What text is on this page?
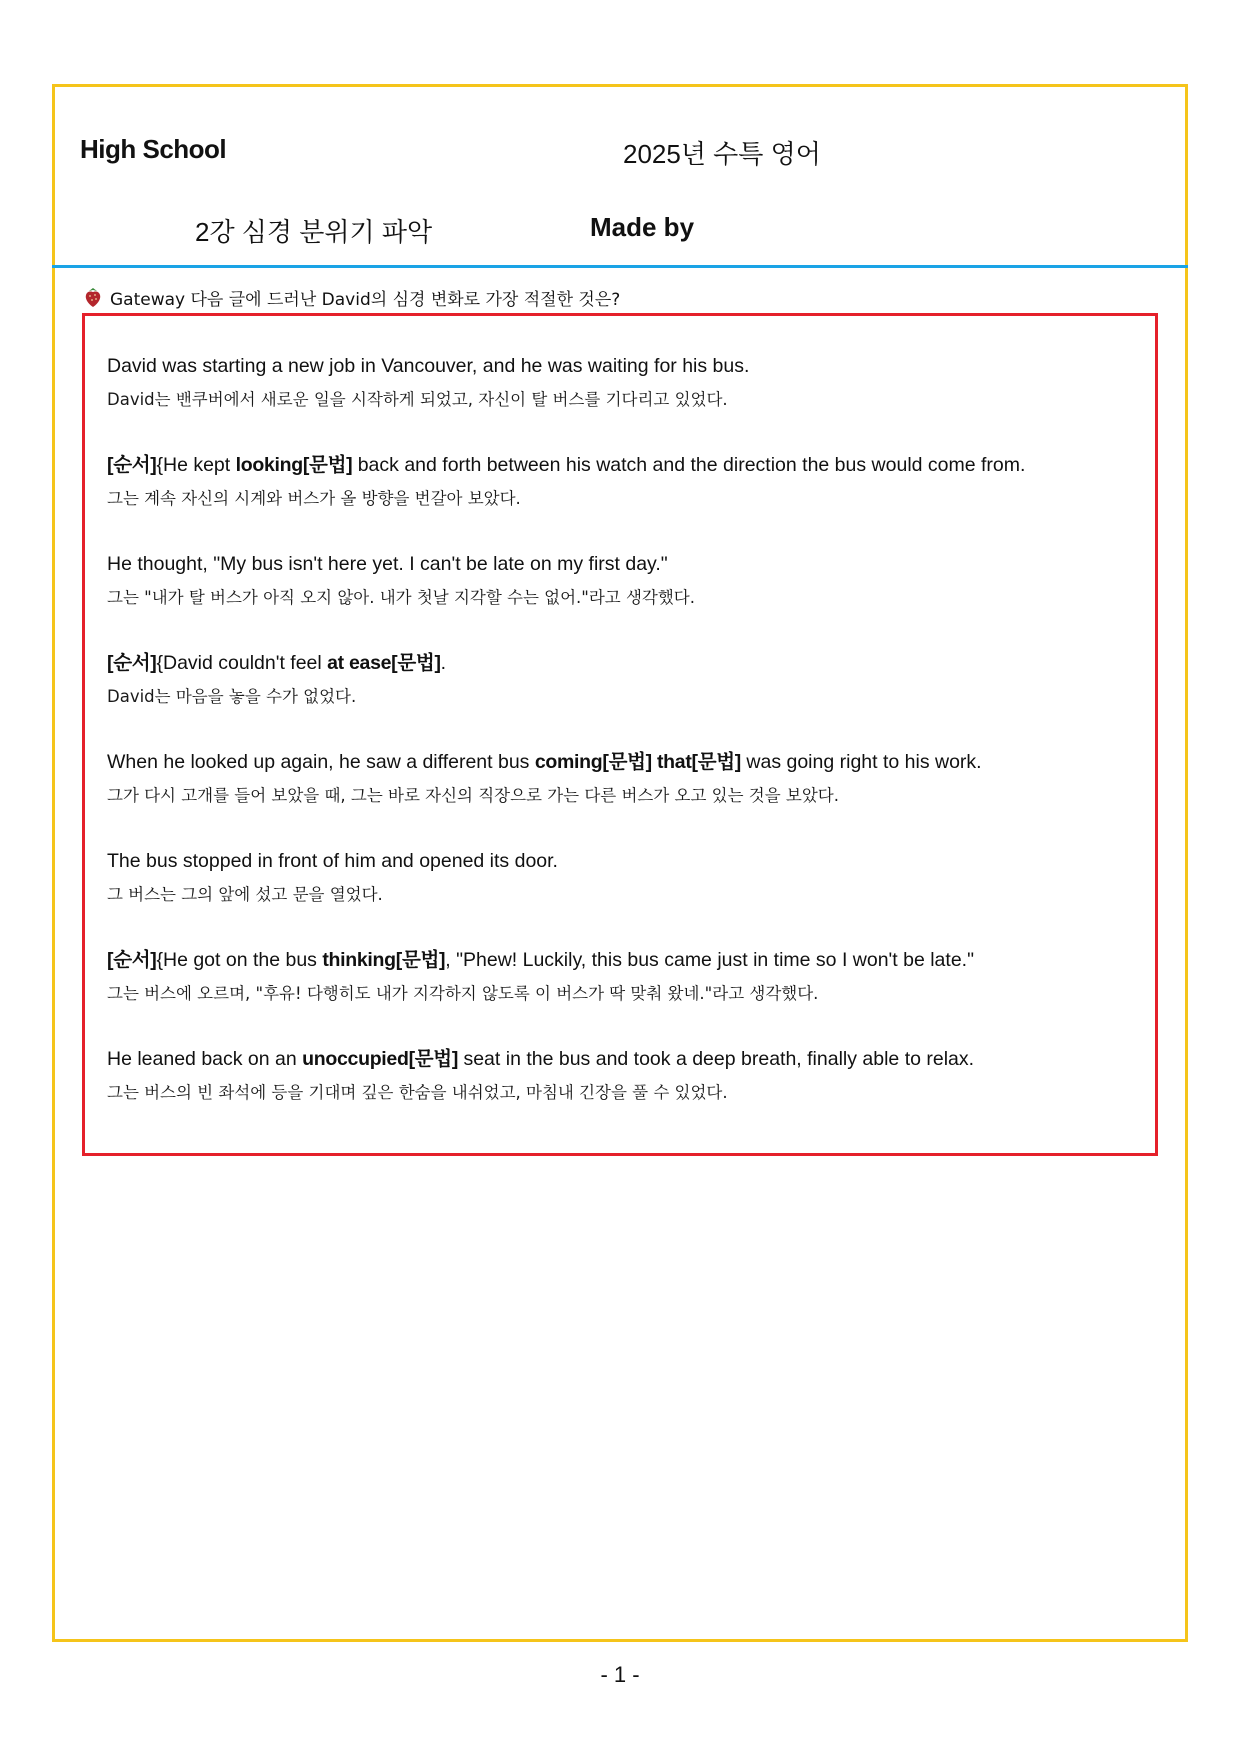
High School	2025년 수특 영어
2강 심경 분위기 파악	Made by
Gateway 다음 글에 드러난 David의 심경 변화로 가장 적절한 것은?
David was starting a new job in Vancouver, and he was waiting for his bus.
David는 밴쿠버에서 새로운 일을 시작하게 되었고, 자신이 탈 버스를 기다리고 있었다.
[순서]{He kept looking[문법] back and forth between his watch and the direction the bus would come from.
그는 계속 자신의 시계와 버스가 올 방향을 번갈아 보았다.
He thought, "My bus isn't here yet. I can't be late on my first day."
그는 "내가 탈 버스가 아직 오지 않아. 내가 첫날 지각할 수는 없어."라고 생각했다.
[순서]{David couldn't feel at ease[문법].
David는 마음을 놓을 수가 없었다.
When he looked up again, he saw a different bus coming[문법] that[문법] was going right to his work.
그가 다시 고개를 들어 보았을 때, 그는 바로 자신의 직장으로 가는 다른 버스가 오고 있는 것을 보았다.
The bus stopped in front of him and opened its door.
그 버스는 그의 앞에 섰고 문을 열었다.
[순서]{He got on the bus thinking[문법], "Phew! Luckily, this bus came just in time so I won't be late."
그는 버스에 오르며, "후유! 다행히도 내가 지각하지 않도록 이 버스가 딱 맞춰 왔네."라고 생각했다.
He leaned back on an unoccupied[문법] seat in the bus and took a deep breath, finally able to relax.
그는 버스의 빈 좌석에 등을 기대며 깊은 한숨을 내쉬었고, 마침내 긴장을 풀 수 있었다.
- 1 -
